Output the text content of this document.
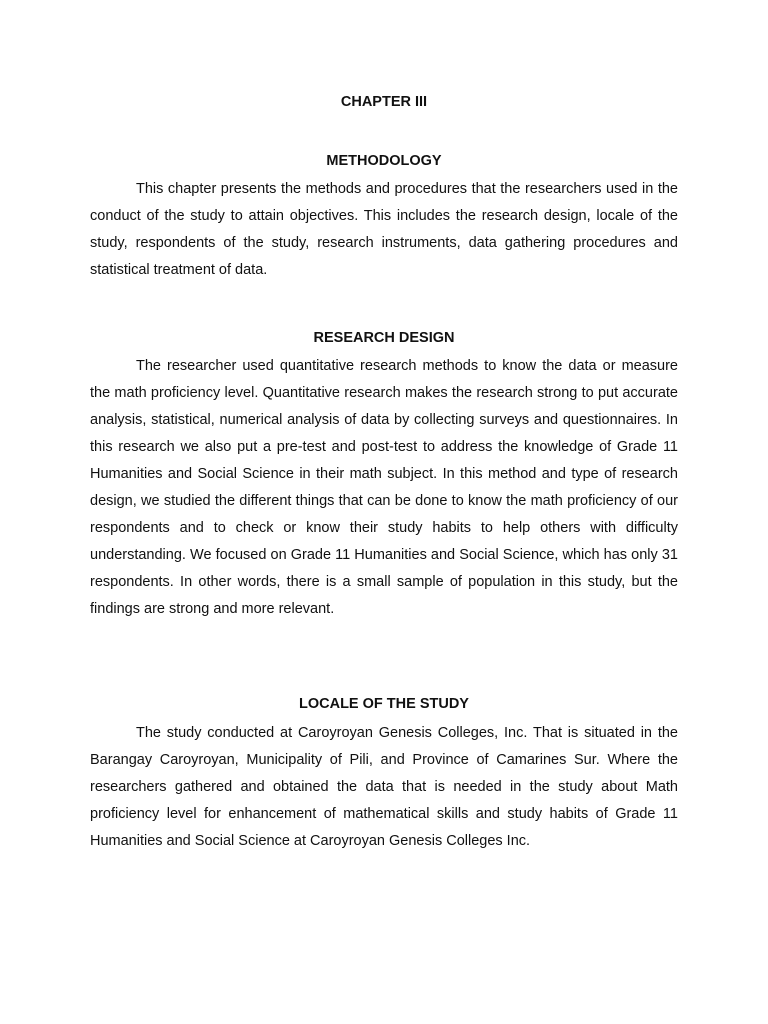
CHAPTER III
METHODOLOGY

This chapter presents the methods and procedures that the researchers used in the conduct of the study to attain objectives. This includes the research design, locale of the study, respondents of the study, research instruments, data gathering procedures and statistical treatment of data.

RESEARCH DESIGN

The researcher used quantitative research methods to know the data or measure the math proficiency level. Quantitative research makes the research strong to put accurate analysis, statistical, numerical analysis of data by collecting surveys and questionnaires. In this research we also put a pre-test and post-test to address the knowledge of Grade 11 Humanities and Social Science in their math subject. In this method and type of research design, we studied the different things that can be done to know the math proficiency of our respondents and to check or know their study habits to help others with difficulty understanding. We focused on Grade 11 Humanities and Social Science, which has only 31 respondents. In other words, there is a small sample of population in this study, but the findings are strong and more relevant.

LOCALE OF THE STUDY

The study conducted at Caroyroyan Genesis Colleges, Inc. That is situated in the Barangay Caroyroyan, Municipality of Pili, and Province of Camarines Sur. Where the researchers gathered and obtained the data that is needed in the study about Math proficiency level for enhancement of mathematical skills and study habits of Grade 11 Humanities and Social Science at Caroyroyan Genesis Colleges Inc.
